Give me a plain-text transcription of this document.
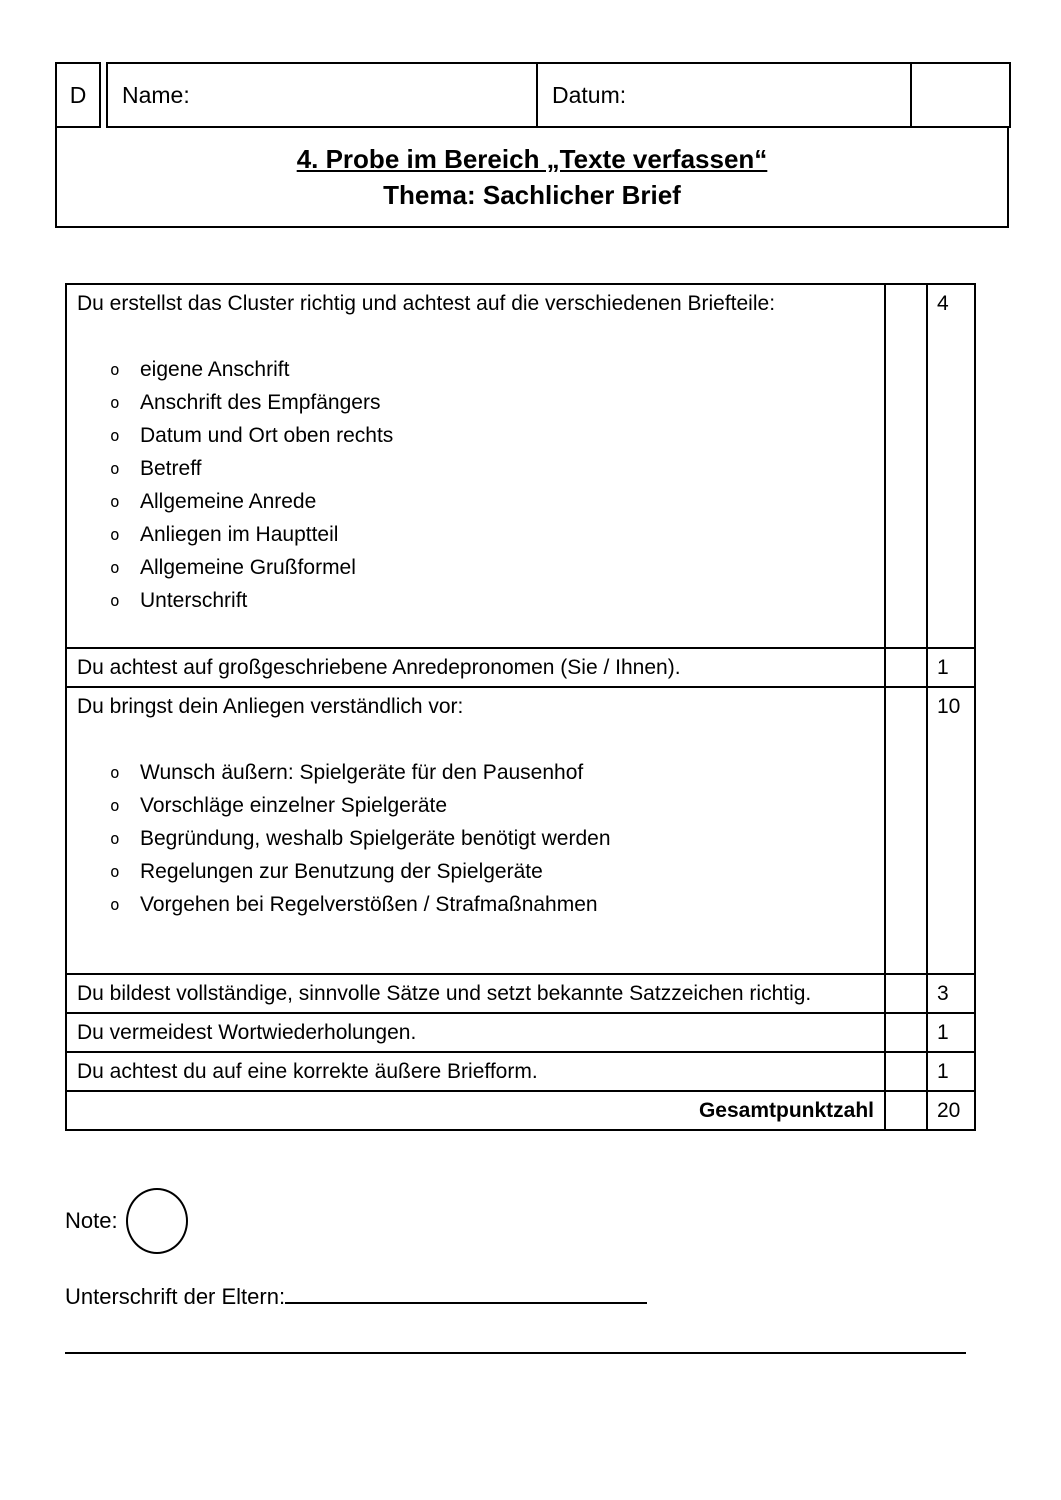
D	Name:	Datum:
4. Probe im Bereich „Texte verfassen“
Thema: Sachlicher Brief
Du erstellst das Cluster richtig und achtest auf die verschiedenen Briefteile:
o eigene Anschrift
o Anschrift des Empfängers
o Datum und Ort oben rechts
o Betreff
o Allgemeine Anrede
o Anliegen im Hauptteil
o Allgemeine Grußformel
o Unterschrift
		4
Du achtest auf großgeschriebene Anredepronomen (Sie / Ihnen).		1

Du bringst dein Anliegen verständlich vor:
o Wunsch äußern: Spielgeräte für den Pausenhof
o Vorschläge einzelner Spielgeräte
o Begründung, weshalb Spielgeräte benötigt werden
o Regelungen zur Benutzung der Spielgeräte
o Vorgehen bei Regelverstößen / Strafmaßnahmen
		10
Du bildest vollständige, sinnvolle Sätze und setzt bekannte Satzzeichen richtig.		3
Du vermeidest Wortwiederholungen.		1
Du achtest du auf eine korrekte äußere Briefform.		1
Gesamtpunktzahl		20
Note:
Unterschrift der Eltern:
